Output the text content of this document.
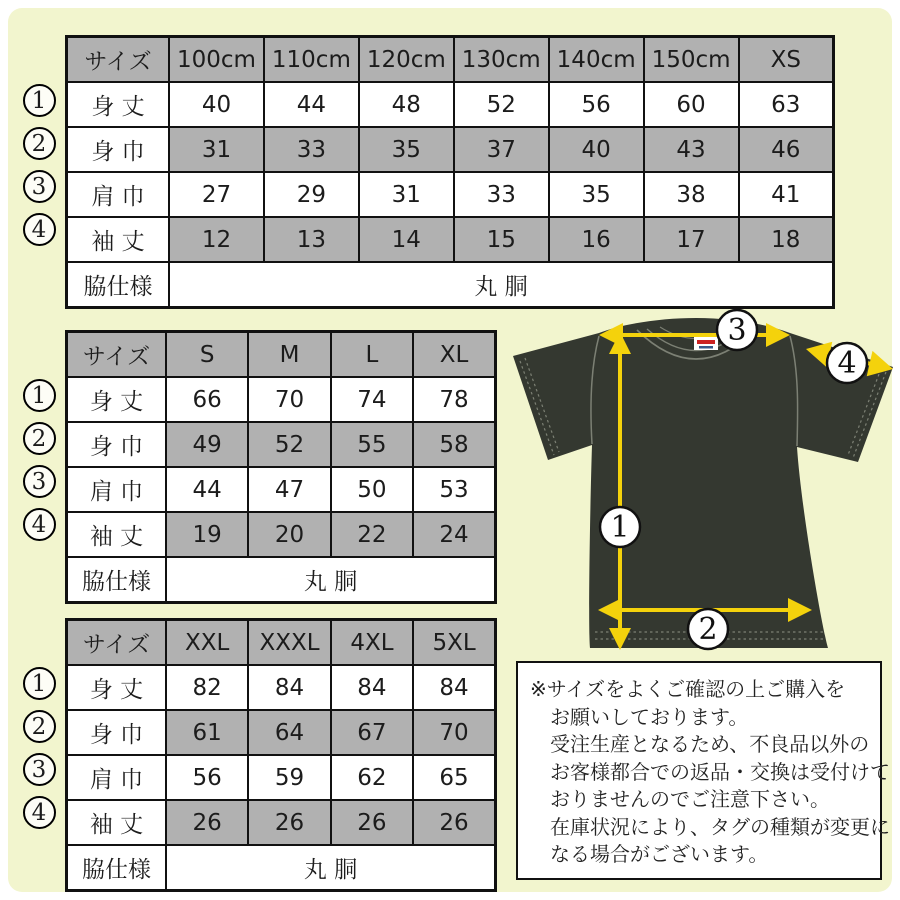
1
2
3
4
サイズ	100cm	110cm	120cm	130cm	140cm	150cm	XS
身 丈	40	44	48	52	56	60	63
身 巾	31	33	35	37	40	43	46
肩 巾	27	29	31	33	35	38	41
袖 丈	12	13	14	15	16	17	18
脇仕様	丸 胴						
1
2
3
4
サイズ	S	M	L	XL
身 丈	66	70	74	78
身 巾	49	52	55	58
肩 巾	44	47	50	53
袖 丈	19	20	22	24
脇仕様	丸 胴			
1
2
3
4
サイズ	XXL	XXXL	4XL	5XL
身 丈	82	84	84	84
身 巾	61	64	67	70
肩 巾	56	59	62	65
袖 丈	26	26	26	26
脇仕様	丸 胴			
3
4
1
2
※サイズをよくご確認の上ご購入を
お願いしております。
受注生産となるため、不良品以外の
お客様都合での返品・交換は受付けて
おりませんのでご注意下さい。
在庫状況により、タグの種類が変更に
なる場合がございます。
